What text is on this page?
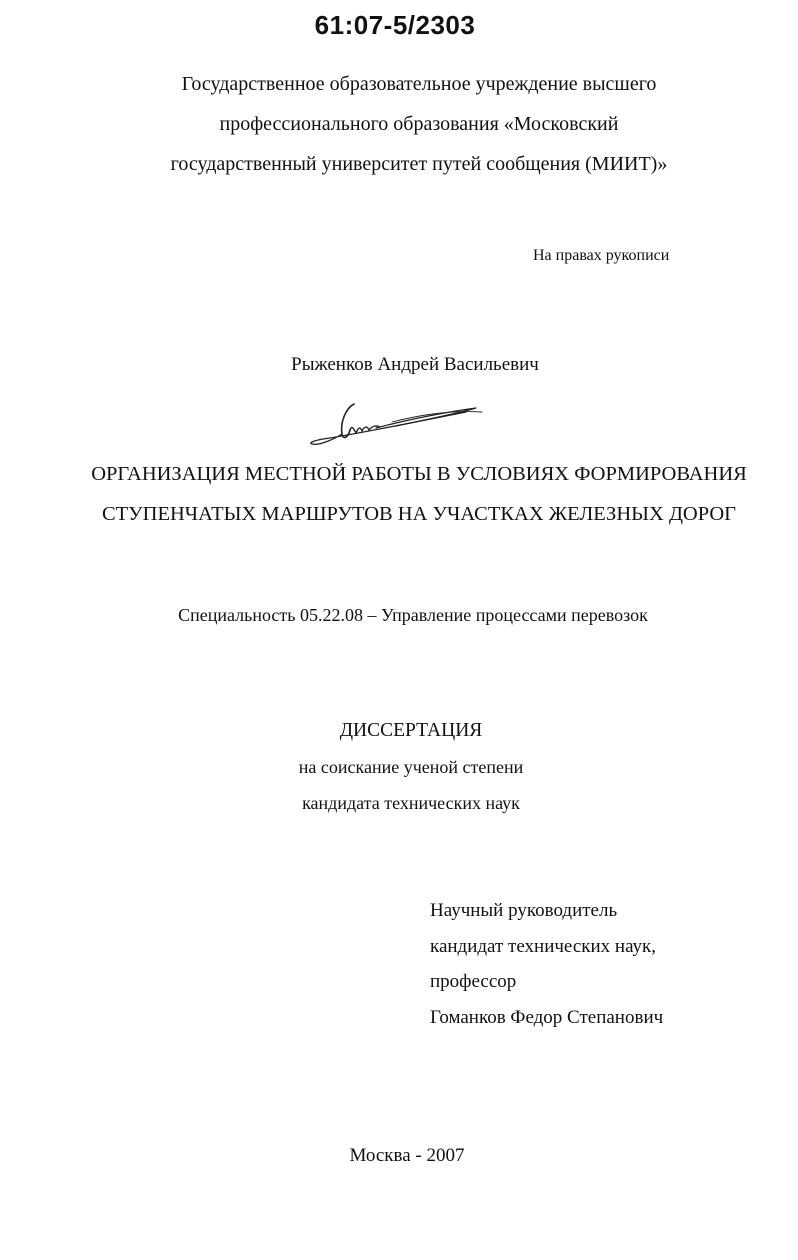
61:07-5/2303

Государственное образовательное учреждение высшего
профессионального образования «Московский
государственный университет путей сообщения (МИИТ)»

На правах рукописи

Рыженков Андрей Васильевич

ОРГАНИЗАЦИЯ МЕСТНОЙ РАБОТЫ В УСЛОВИЯХ ФОРМИРОВАНИЯ
СТУПЕНЧАТЫХ МАРШРУТОВ НА УЧАСТКАХ ЖЕЛЕЗНЫХ ДОРОГ

Специальность 05.22.08 – Управление процессами перевозок

ДИССЕРТАЦИЯ
на соискание ученой степени
кандидата технических наук
Научный руководитель
кандидат технических наук,
профессор
Гоманков Федор Степанович

Москва - 2007
